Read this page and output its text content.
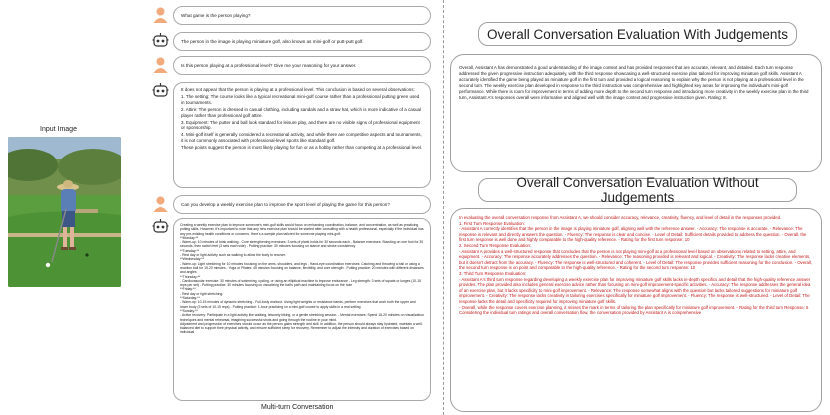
Input Image
Multi-turn Conversation
What game is the person playing?
The person in the image is playing miniature golf, also known as mini-golf or putt-putt golf.
Is this person playing at a professional level? Give me your reasoning for your answer.

It does not appear that the person is playing at a professional level. This conclusion is based on several observations:

1. The setting: The course looks like a typical recreational mini-golf course rather than a professional putting green used in tournaments.

2. Attire: The person is dressed in casual clothing, including sandals and a straw hat, which is more indicative of a casual player rather than professional golf attire.

3. Equipment: The putter and ball look standard for leisure play, and there are no visible signs of professional equipment or sponsorship.

4. Mini-golf itself is generally considered a recreational activity, and while there are competitive aspects and tournaments, it is not commonly associated with professional-level sports like standard golf.

These points suggest the person is most likely playing for fun or as a hobby rather than competing at a professional level.

Can you develop a weekly exercise plan to improve the sport level of playing the game for this person?

Creating a weekly exercise plan to improve someone's mini-golf skills would focus on enhancing coordination, balance, and concentration, as well as practicing putting skills. However, it's important to note that any new exercise plan should be started after consulting with a health professional, especially if the individual has any pre-existing health conditions or concerns. Here's a sample plan tailored for someone playing mini-golf:

**Monday:**

- Warm-up: 10 minutes of brisk walking - Core strengthening exercises: 3 sets of plank holds for 30 seconds each - Balance exercises: Standing on one foot for 30 seconds, then switch feet (3 sets each side) - Putting practice: 30 minutes focusing on stance and stroke consistency

**Tuesday:**

- Rest day or light activity such as walking to allow the body to recover.

**Wednesday:**

- Warm-up: Light stretching for 10 minutes focusing on the arms, shoulders, and legs - Hand-eye coordination exercises: Catching and throwing a ball or using a reaction ball for 15-20 minutes - Yoga or Pilates: 45 minutes focusing on balance, flexibility, and core strength - Putting practice: 20 minutes with different distances and angles

**Thursday:**

- Cardiovascular exercise: 30 minutes of swimming, cycling, or using an elliptical machine to improve endurance - Leg strength: 3 sets of squats or lunges (10-15 reps per set) - Putting practice: 30 minutes focusing on visualizing the ball's path and maintaining focus on the hole

**Friday:**

- Rest day or light stretching.

**Saturday:**

- Warm-up: 10-15 minutes of dynamic stretching - Full-body workout: Using light weights or resistance bands, perform exercises that work both the upper and lower body (3 sets of 10-15 reps) - Putting practice: 1-hour practicing on a mini-golf course to apply skills in a real setting

**Sunday:**

- Active recovery: Participate in a light activity like walking, leisurely biking, or a gentle stretching session. - Mental exercises: Spend 15-20 minutes on visualization techniques and mental rehearsal, imagining successful shots and going through the routine in your mind.

Adjustment and progression of exercises should occur as the person gains strength and skill. In addition, the person should always stay hydrated, maintain a well-balanced diet to support their physical activity, and ensure sufficient sleep for recovery. Remember to adjust the intensity and duration of exercises based on individual

Overall Conversation Evaluation With Judgements
Overall, Assistant A has demonstrated a good understanding of the image context and has provided responses that are accurate, relevant, and detailed. Each turn response addressed the given progressive instruction adequately, with the third response showcasing a well-structured exercise plan tailored for improving miniature golf skills. Assistant A accurately identified the game being played as miniature golf in the first turn and provided a logical reasoning to explain why the person is not playing at a professional level in the second turn. The weekly exercise plan developed in response to the third instruction was comprehensive and highlighted key areas for improving the individual's mini-golf performance. While there is room for improvement in terms of adding more depth to the second turn response and introducing more creativity in the weekly exercise plan in the third turn, Assistant A's responses overall were informative and aligned well with the image context and progressive instruction given. Rating: 8.
Overall Conversation Evaluation Without Judgements

In evaluating the overall conversation response from Assistant A, we should consider accuracy, relevance, creativity, fluency, and level of detail in the responses provided.

1. First Turn Response Evaluation:

- Assistant A correctly identifies that the person in the image is playing miniature golf, aligning well with the reference answer. - Accuracy: The response is accurate. - Relevance: The response is relevant and directly answers the question. - Fluency: The response is clear and concise. - Level of Detail: Sufficient details provided to address the question. - Overall, the first turn response is well done and highly comparable to the high-quality reference. - Rating for the first turn response: 10

2. Second Turn Response Evaluation:

- Assistant A provides a well-structured response that concludes that the person is not playing mini-golf at a professional level based on observations related to setting, attire, and equipment. - Accuracy: The response accurately addresses the question. - Relevance: The reasoning provided is relevant and logical. - Creativity: The response lacks creative elements, but it doesn't detract from the accuracy. - Fluency: The response is well-structured and coherent. - Level of Detail: The response provides sufficient reasoning for the conclusion. - Overall, the second turn response is on point and comparable to the high-quality reference. - Rating for the second turn response: 10

3. Third Turn Response Evaluation:

- Assistant A's third turn response regarding developing a weekly exercise plan for improving miniature golf skills lacks in-depth specifics and detail that the high-quality reference answer provides. The plan provided also includes general exercise advice rather than focusing on mini-golf improvement-specific activities. - Accuracy: The response addresses the general idea of an exercise plan, but it lacks specificity to mini-golf improvement. - Relevance: The response somewhat aligns with the question but lacks tailored suggestions for miniature golf improvement. - Creativity: The response lacks creativity in tailoring exercises specifically for miniature golf improvement. - Fluency: The response is well-structured. - Level of Detail: The response lacks the detail and specificity required for improving miniature golf skills.

- Overall, while the response covers exercise planning, it misses the mark in terms of tailoring the plan specifically for miniature golf improvement. - Rating for the third turn Response: 6 Considering the individual turn ratings and overall conversation flow, the conversation provided by Assistant A is comprehensive
